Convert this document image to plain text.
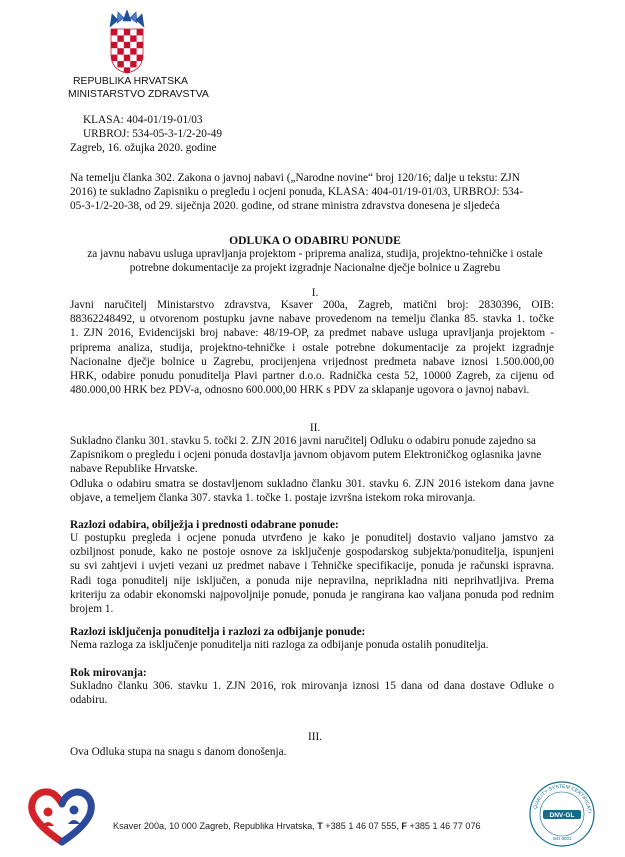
REPUBLIKA HRVATSKA
MINISTARSTVO ZDRAVSTVA
KLASA: 404-01/19-01/03
URBROJ: 534-05-3-1/2-20-49
Zagreb, 16. ožujka 2020. godine
Na temelju članka 302. Zakona o javnoj nabavi („Narodne novine“ broj 120/16; dalje u tekstu: ZJN
2016) te sukladno Zapisniku o pregledu i ocjeni ponuda, KLASA: 404-01/19-01/03, URBROJ: 534-
05-3-1/2-20-38, od 29. siječnja 2020. godine, od strane ministra zdravstva donesena je sljedeća
ODLUKA O ODABIRU PONUDE
za javnu nabavu usluga upravljanja projektom - priprema analiza, studija, projektno-tehničke i ostale
potrebne dokumentacije za projekt izgradnje Nacionalne dječje bolnice u Zagrebu
I.
Javni naručitelj Ministarstvo zdravstva, Ksaver 200a, Zagreb, matični broj: 2830396, OIB:
88362248492, u otvorenom postupku javne nabave provedenom na temelju članka 85. stavka 1. točke
1. ZJN 2016, Evidencijski broj nabave: 48/19-OP, za predmet nabave usluga upravljanja projektom -
priprema analiza, studija, projektno-tehničke i ostale potrebne dokumentacije za projekt izgradnje
Nacionalne dječje bolnice u Zagrebu, procijenjena vrijednost predmeta nabave iznosi 1.500.000,00
HRK, odabire ponudu ponuditelja Plavi partner d.o.o. Radnička cesta 52, 10000 Zagreb, za cijenu od
480.000,00 HRK bez PDV-a, odnosno 600.000,00 HRK s PDV za sklapanje ugovora o javnoj nabavi.
II.
Sukladno članku 301. stavku 5. točki 2. ZJN 2016 javni naručitelj Odluku o odabiru ponude zajedno sa
Zapisnikom o pregledu i ocjeni ponuda dostavlja javnom objavom putem Elektroničkog oglasnika javne
nabave Republike Hrvatske.
Odluka o odabiru smatra se dostavljenom sukladno članku 301. stavku 6. ZJN 2016 istekom dana javne
objave, a temeljem članka 307. stavka 1. točke 1. postaje izvršna istekom roka mirovanja.
Razlozi odabira, obilježja i prednosti odabrane ponude:
U postupku pregleda i ocjene ponuda utvrđeno je kako je ponuditelj dostavio valjano jamstvo za
ozbiljnost ponude, kako ne postoje osnove za isključenje gospodarskog subjekta/ponuditelja, ispunjeni
su svi zahtjevi i uvjeti vezani uz predmet nabave i Tehničke specifikacije, ponuda je računski ispravna.
Radi toga ponuditelj nije isključen, a ponuda nije nepravilna, neprikladna niti neprihvatljiva. Prema
kriteriju za odabir ekonomski najpovoljnije ponude, ponuda je rangirana kao valjana ponuda pod rednim
brojem 1.
Razlozi isključenja ponuditelja i razlozi za odbijanje ponude:
Nema razloga za isključenje ponuditelja niti razloga za odbijanje ponuda ostalih ponuditelja.
Rok mirovanja:
Sukladno članku 306. stavku 1. ZJN 2016, rok mirovanja iznosi 15 dana od dana dostave Odluke o
odabiru.
III.
Ova Odluka stupa na snagu s danom donošenja.
Ksaver 200a, 10 000 Zagreb, Republika Hrvatska, T +385 1 46 07 555, F +385 1 46 77 076
QUALITY SYSTEM CERTIFICATI
DNV·GL
ISO 9001
